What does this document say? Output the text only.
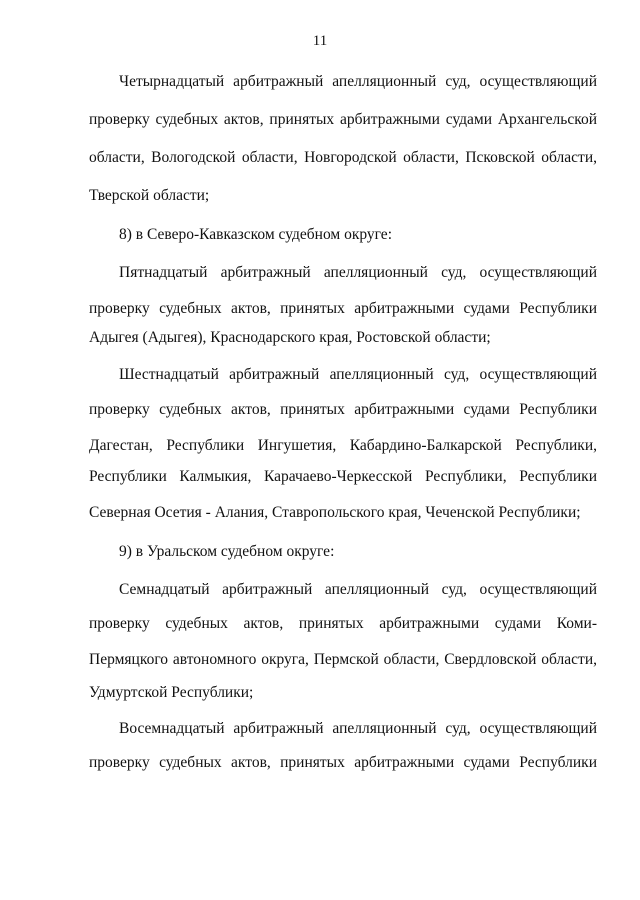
11
Четырнадцатый арбитражный апелляционный суд, осуществляющий
проверку судебных актов, принятых арбитражными судами Архангельской
области, Вологодской области, Новгородской области, Псковской области,
Тверской области;
8) в Северо-Кавказском судебном округе:
Пятнадцатый арбитражный апелляционный суд, осуществляющий
проверку судебных актов, принятых арбитражными судами Республики
Адыгея (Адыгея), Краснодарского края, Ростовской области;
Шестнадцатый арбитражный апелляционный суд, осуществляющий
проверку судебных актов, принятых арбитражными судами Республики
Дагестан, Республики Ингушетия, Кабардино-Балкарской Республики,
Республики Калмыкия, Карачаево-Черкесской Республики, Республики
Северная Осетия - Алания, Ставропольского края, Чеченской Республики;
9) в Уральском судебном округе:
Семнадцатый арбитражный апелляционный суд, осуществляющий
проверку судебных актов, принятых арбитражными судами Коми-
Пермяцкого автономного округа, Пермской области, Свердловской области,
Удмуртской Республики;
Восемнадцатый арбитражный апелляционный суд, осуществляющий
проверку судебных актов, принятых арбитражными судами Республики
